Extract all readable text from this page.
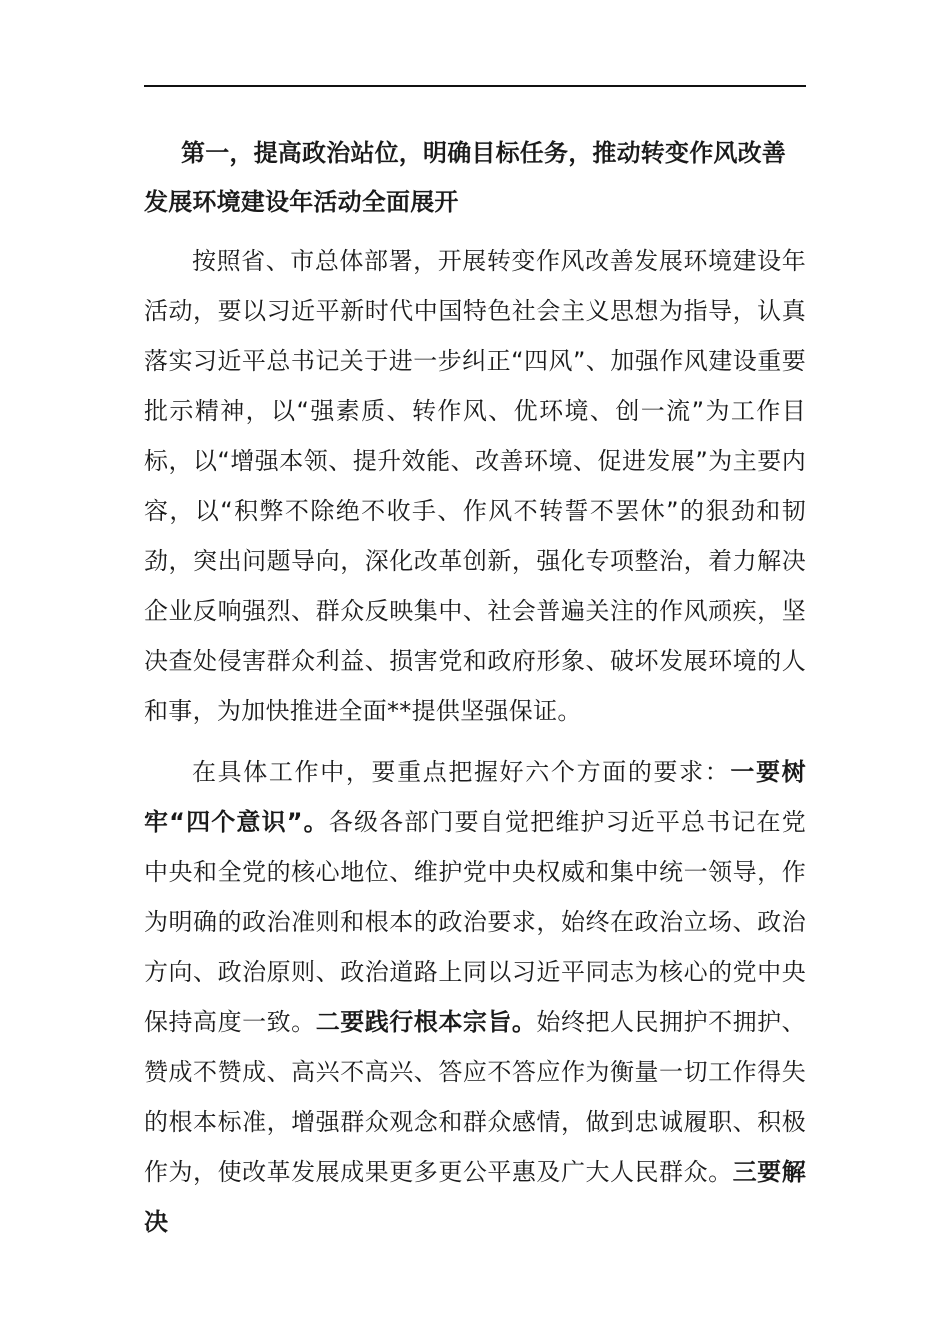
第一，提高政治站位，明确目标任务，推动转变作风改善发展环境建设年活动全面展开

按照省、市总体部署，开展转变作风改善发展环境建设年活动，要以习近平新时代中国特色社会主义思想为指导，认真落实习近平总书记关于进一步纠正“四风”、加强作风建设重要批示精神，以“强素质、转作风、优环境、创一流”为工作目标，以“增强本领、提升效能、改善环境、促进发展”为主要内容，以“积弊不除绝不收手、作风不转誓不罢休”的狠劲和韧劲，突出问题导向，深化改革创新，强化专项整治，着力解决企业反响强烈、群众反映集中、社会普遍关注的作风顽疾，坚决查处侵害群众利益、损害党和政府形象、破坏发展环境的人和事，为加快推进全面**提供坚强保证。

在具体工作中，要重点把握好六个方面的要求：一要树牢“四个意识”。各级各部门要自觉把维护习近平总书记在党中央和全党的核心地位、维护党中央权威和集中统一领导，作为明确的政治准则和根本的政治要求，始终在政治立场、政治方向、政治原则、政治道路上同以习近平同志为核心的党中央保持高度一致。二要践行根本宗旨。始终把人民拥护不拥护、赞成不赞成、高兴不高兴、答应不答应作为衡量一切工作得失的根本标准，增强群众观念和群众感情，做到忠诚履职、积极作为，使改革发展成果更多更公平惠及广大人民群众。三要解决
